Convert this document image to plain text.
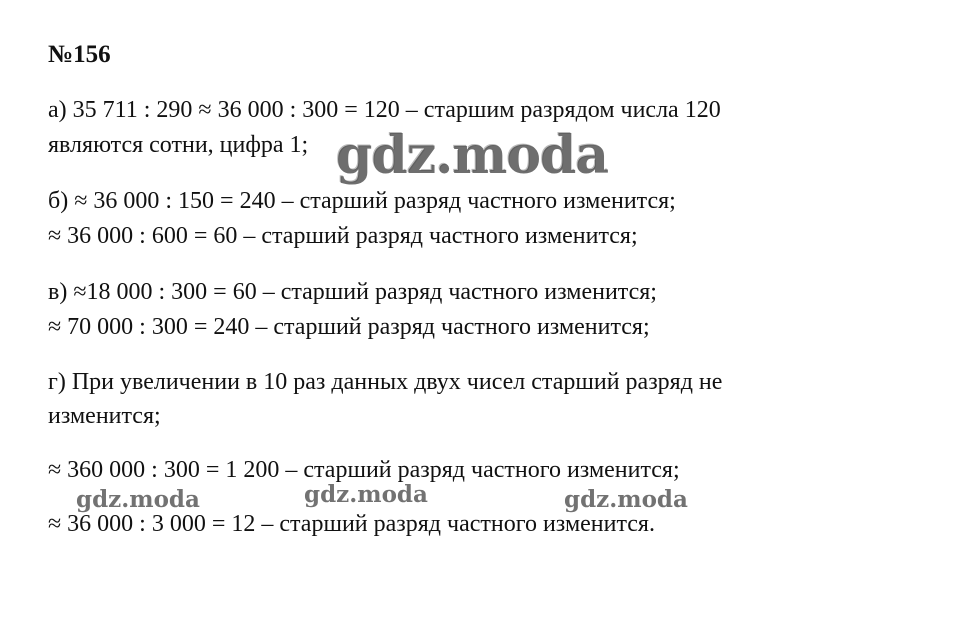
№156
а) 35 711 : 290 ≈ 36 000 : 300 = 120 – старшим разрядом числа 120
являются сотни, цифра 1;
б) ≈ 36 000 : 150 = 240 – старший разряд частного изменится;
≈ 36 000 : 600 = 60 – старший разряд частного изменится;
в) ≈18 000 : 300 = 60 – старший разряд частного изменится;
≈ 70 000 : 300 = 240 – старший разряд частного изменится;
г) При увеличении в 10 раз данных двух чисел старший разряд не
изменится;
≈ 360 000 : 300 = 1 200 – старший разряд частного изменится;
≈ 36 000 : 3 000 = 12 – старший разряд частного изменится.
gdz.moda
gdz.moda	gdz.moda	gdz.moda
